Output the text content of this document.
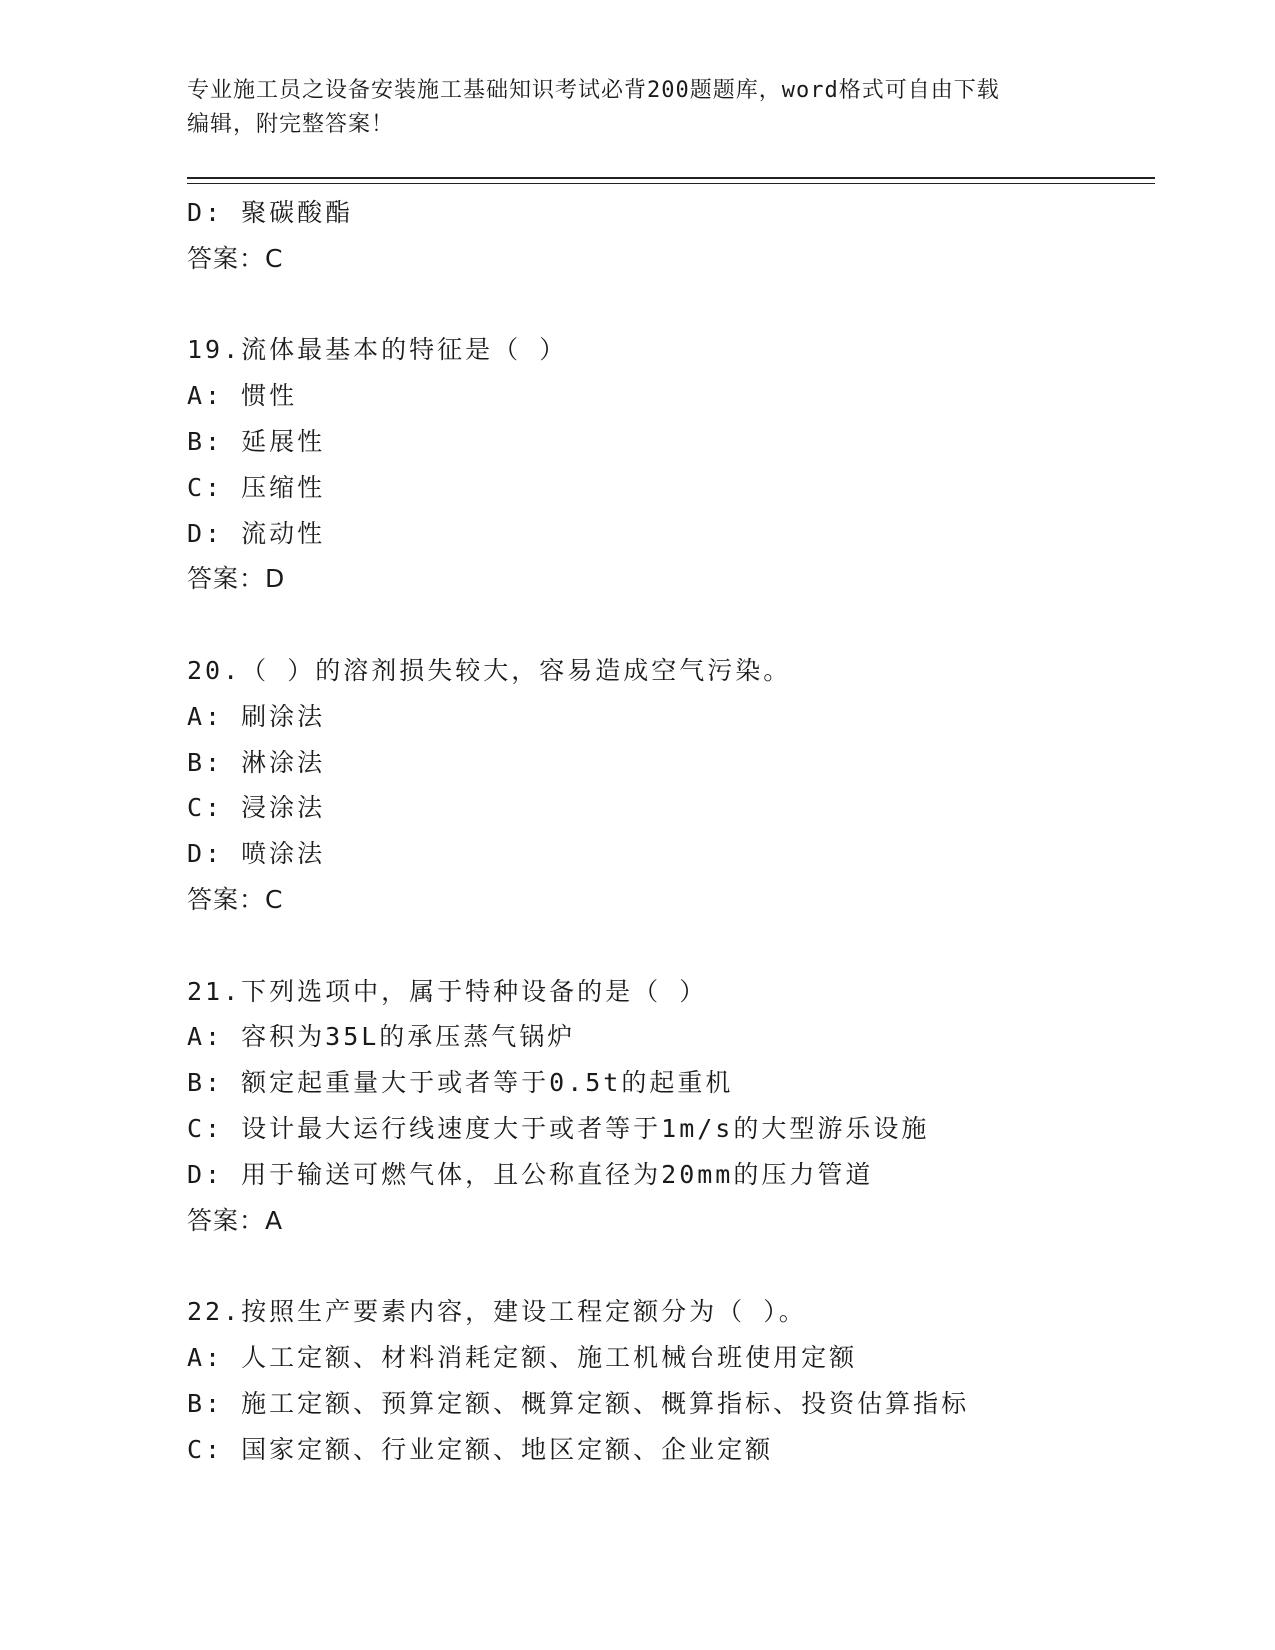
专业施工员之设备安装施工基础知识考试必背200题题库，word格式可自由下载
编辑，附完整答案！
D: 聚碳酸酯
答案：C
19.流体最基本的特征是（ ）
A: 惯性
B: 延展性
C: 压缩性
D: 流动性
答案：D
20.（ ）的溶剂损失较大，容易造成空气污染。
A: 刷涂法
B: 淋涂法
C: 浸涂法
D: 喷涂法
答案：C
21.下列选项中，属于特种设备的是（ ）
A: 容积为35L的承压蒸气锅炉
B: 额定起重量大于或者等于0.5t的起重机
C: 设计最大运行线速度大于或者等于1m/s的大型游乐设施
D: 用于输送可燃气体，且公称直径为20mm的压力管道
答案：A
22.按照生产要素内容，建设工程定额分为（ ）。
A: 人工定额、材料消耗定额、施工机械台班使用定额
B: 施工定额、预算定额、概算定额、概算指标、投资估算指标
C: 国家定额、行业定额、地区定额、企业定额
